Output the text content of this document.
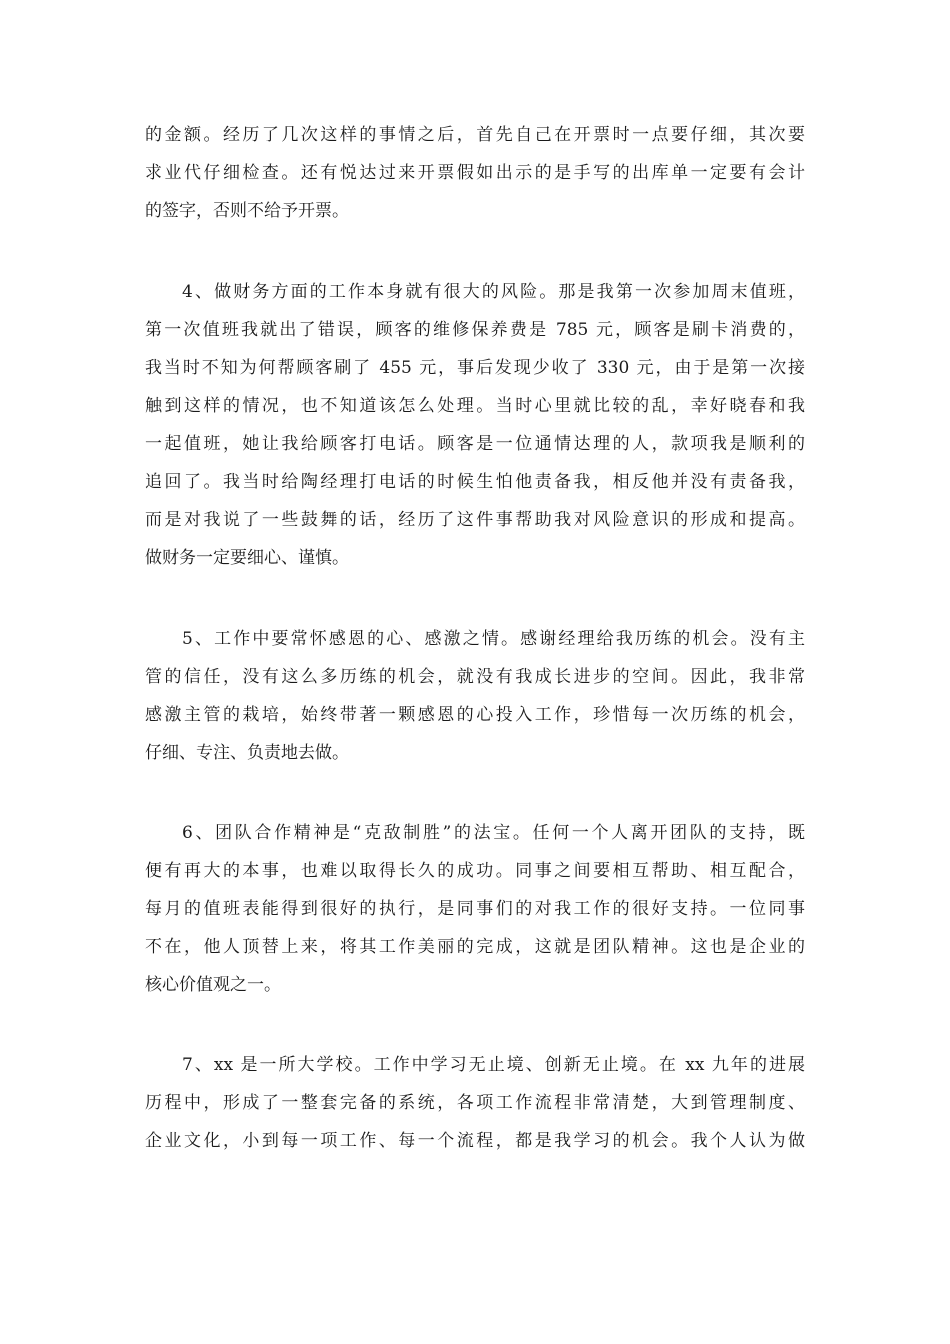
的金额。经历了几次这样的事情之后，首先自己在开票时一点要仔细，其次要
求业代仔细检查。还有悦达过来开票假如出示的是手写的出库单一定要有会计
的签字，否则不给予开票。

4、做财务方面的工作本身就有很大的风险。那是我第一次参加周末值班，
第一次值班我就出了错误，顾客的维修保养费是 785 元，顾客是刷卡消费的，
我当时不知为何帮顾客刷了 455 元，事后发现少收了 330 元，由于是第一次接
触到这样的情况，也不知道该怎么处理。当时心里就比较的乱，幸好晓春和我
一起值班，她让我给顾客打电话。顾客是一位通情达理的人，款项我是顺利的
追回了。我当时给陶经理打电话的时候生怕他责备我，相反他并没有责备我，
而是对我说了一些鼓舞的话，经历了这件事帮助我对风险意识的形成和提高。
做财务一定要细心、谨慎。

5、工作中要常怀感恩的心、感激之情。感谢经理给我历练的机会。没有主
管的信任，没有这么多历练的机会，就没有我成长进步的空间。因此，我非常
感激主管的栽培，始终带著一颗感恩的心投入工作，珍惜每一次历练的机会，
仔细、专注、负责地去做。

6、团队合作精神是“克敌制胜”的法宝。任何一个人离开团队的支持，既
便有再大的本事，也难以取得长久的成功。同事之间要相互帮助、相互配合，
每月的值班表能得到很好的执行，是同事们的对我工作的很好支持。一位同事
不在，他人顶替上来，将其工作美丽的完成，这就是团队精神。这也是企业的
核心价值观之一。

7、xx 是一所大学校。工作中学习无止境、创新无止境。在 xx 九年的进展
历程中，形成了一整套完备的系统，各项工作流程非常清楚，大到管理制度、
企业文化，小到每一项工作、每一个流程，都是我学习的机会。我个人认为做
